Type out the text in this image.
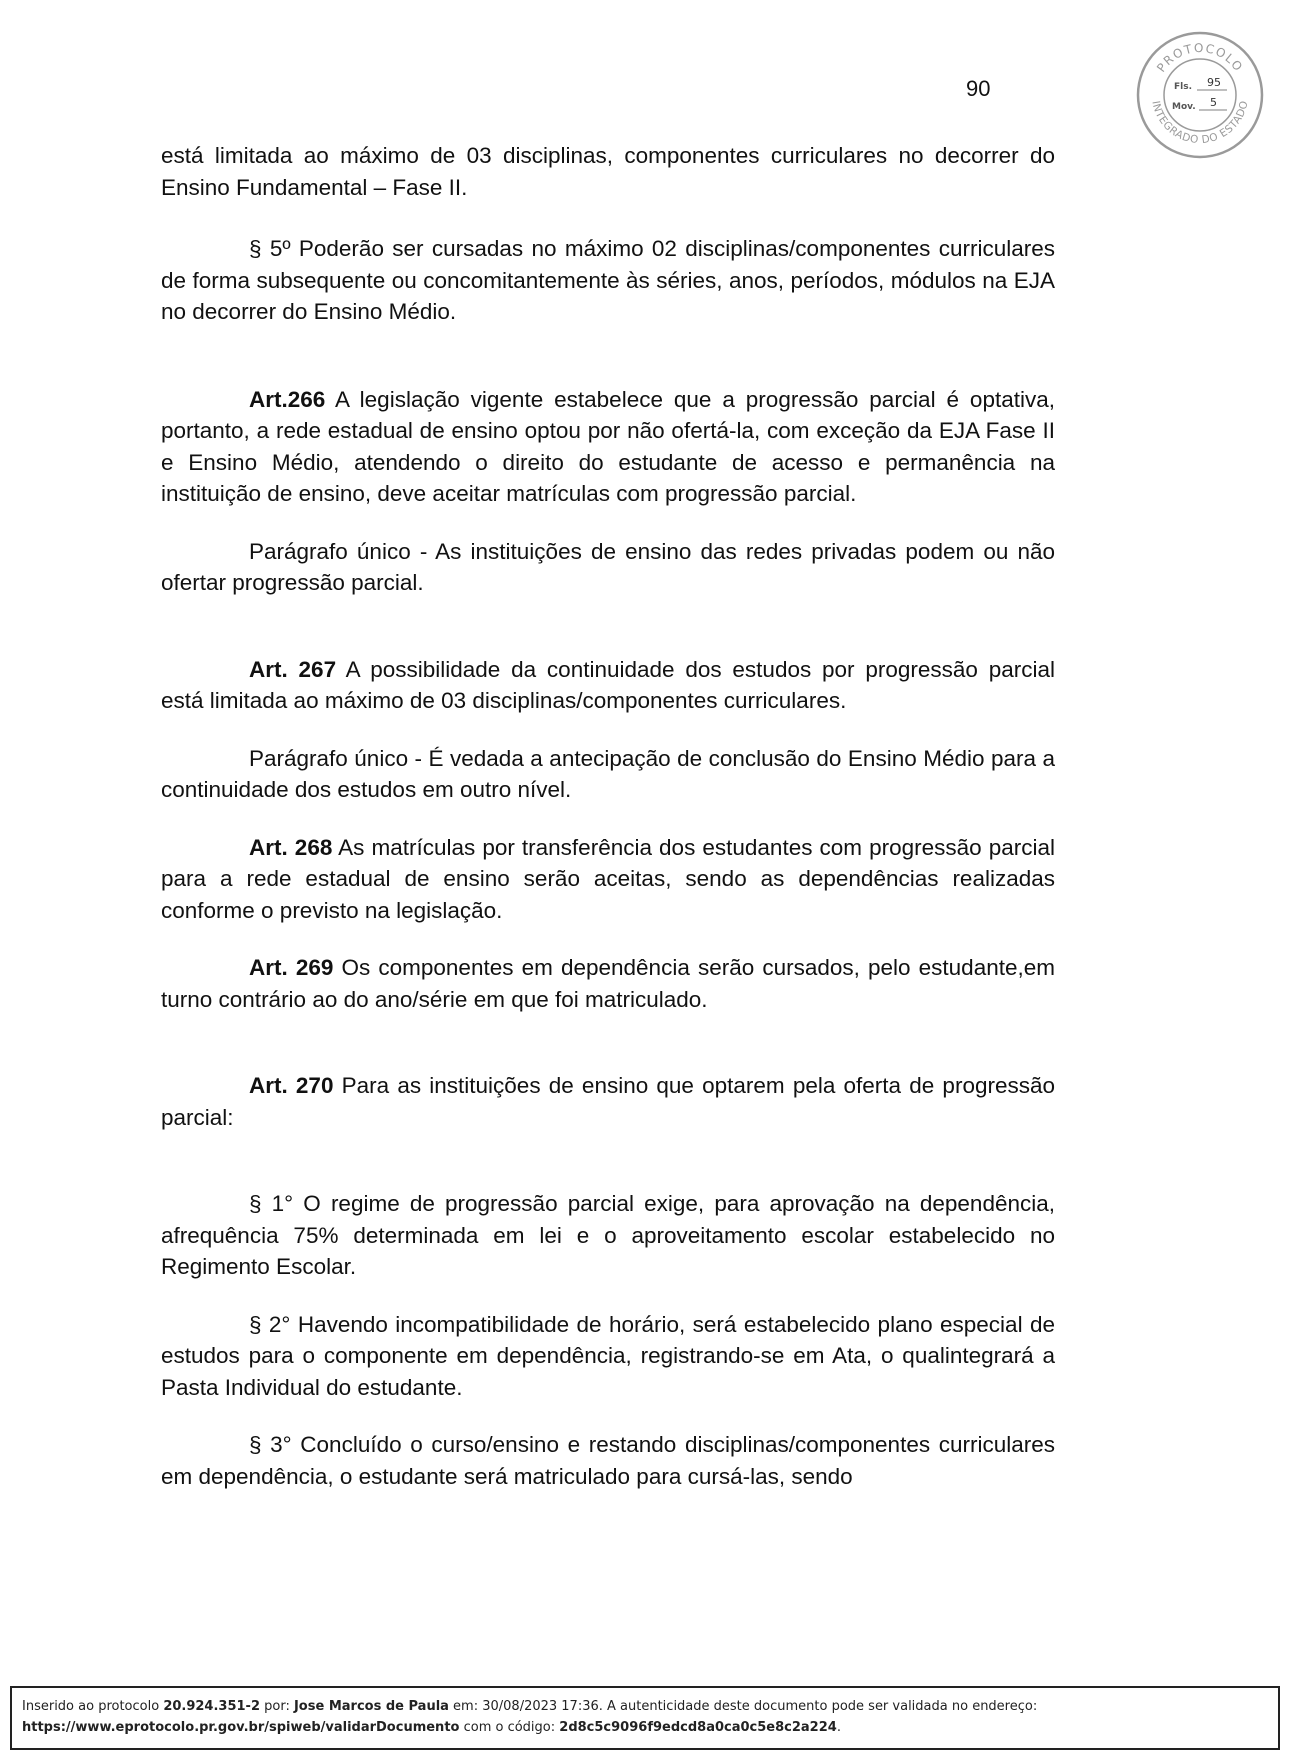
90
PROTOCOLO
INTEGRADO DO ESTADO
Fls. 95
Mov. 5

está limitada ao máximo de 03 disciplinas, componentes curriculares no decorrer do Ensino Fundamental – Fase II.

§ 5º Poderão ser cursadas no máximo 02 disciplinas/componentes curriculares de forma subsequente ou concomitantemente às séries, anos, períodos, módulos na EJA no decorrer do Ensino Médio.

Art.266 A legislação vigente estabelece que a progressão parcial é optativa, portanto, a rede estadual de ensino optou por não ofertá-la, com exceção da EJA Fase II e Ensino Médio, atendendo o direito do estudante de acesso e permanência na instituição de ensino, deve aceitar matrículas com progressão parcial.

Parágrafo único - As instituições de ensino das redes privadas podem ou não ofertar progressão parcial.

Art. 267 A possibilidade da continuidade dos estudos por progressão parcial está limitada ao máximo de 03 disciplinas/componentes curriculares.

Parágrafo único - É vedada a antecipação de conclusão do Ensino Médio para a continuidade dos estudos em outro nível.

Art. 268 As matrículas por transferência dos estudantes com progressão parcial para a rede estadual de ensino serão aceitas, sendo as dependências realizadas conforme o previsto na legislação.

Art. 269 Os componentes em dependência serão cursados, pelo estudante,em turno contrário ao do ano/série em que foi matriculado.

Art. 270 Para as instituições de ensino que optarem pela oferta de progressão parcial:

§ 1° O regime de progressão parcial exige, para aprovação na dependência, afrequência 75% determinada em lei e o aproveitamento escolar estabelecido no Regimento Escolar.

§ 2° Havendo incompatibilidade de horário, será estabelecido plano especial de estudos para o componente em dependência, registrando-se em Ata, o qualintegrará a Pasta Individual do estudante.

§ 3° Concluído o curso/ensino e restando disciplinas/componentes curriculares em dependência, o estudante será matriculado para cursá-las, sendo

Inserido ao protocolo 20.924.351-2 por: Jose Marcos de Paula em: 30/08/2023 17:36. A autenticidade deste documento pode ser validada no endereço:
https://www.eprotocolo.pr.gov.br/spiweb/validarDocumento com o código: 2d8c5c9096f9edcd8a0ca0c5e8c2a224.
